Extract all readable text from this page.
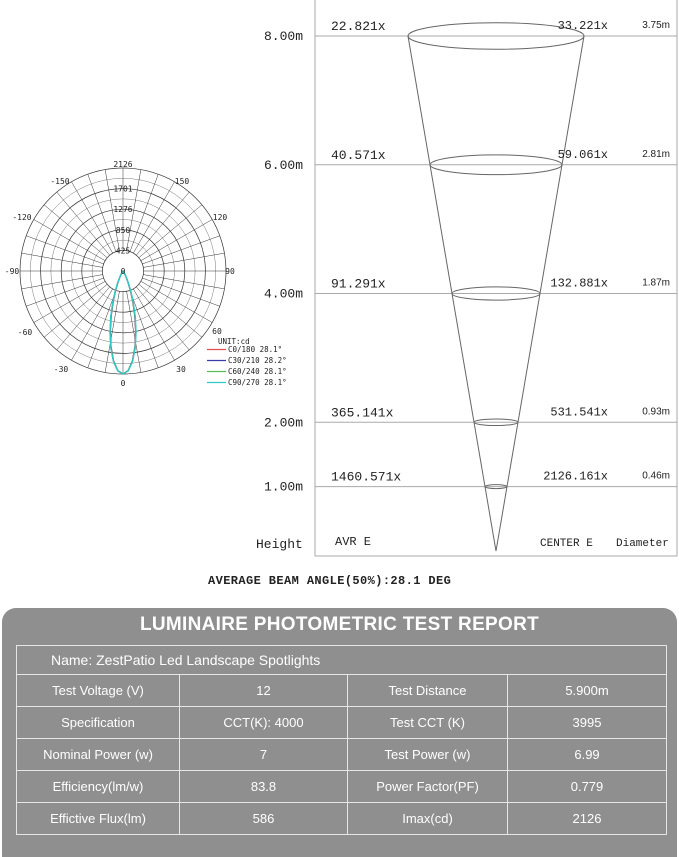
8.00m
22.821x	33.221x	3.75m
6.00m
40.571x	59.061x	2.81m
4.00m
91.291x	132.881x	1.87m
2.00m
365.141x	531.541x	0.93m
1.00m
1460.571x	2126.161x	0.46m
Height	AVR E	CENTER E Diameter
2126
1701
1276
850
425
0
-150	150
-120	120
-90	90
-60	60
-30	30
0
UNIT:cd
C0/180 28.1°
C30/210 28.2°
C60/240 28.1°
C90/270 28.1°
AVERAGE BEAM ANGLE(50%):28.1 DEG
LUMINAIRE PHOTOMETRIC TEST REPORT
Name: ZestPatio Led Landscape Spotlights			
Test Voltage (V)	12	Test Distance	5.900m
Specification	CCT(K): 4000	Test CCT (K)	3995
Nominal Power (w)	7	Test Power (w)	6.99
Efficiency(lm/w)	83.8	Power Factor(PF)	0.779
Effictive Flux(lm)	586	Imax(cd)	2126
